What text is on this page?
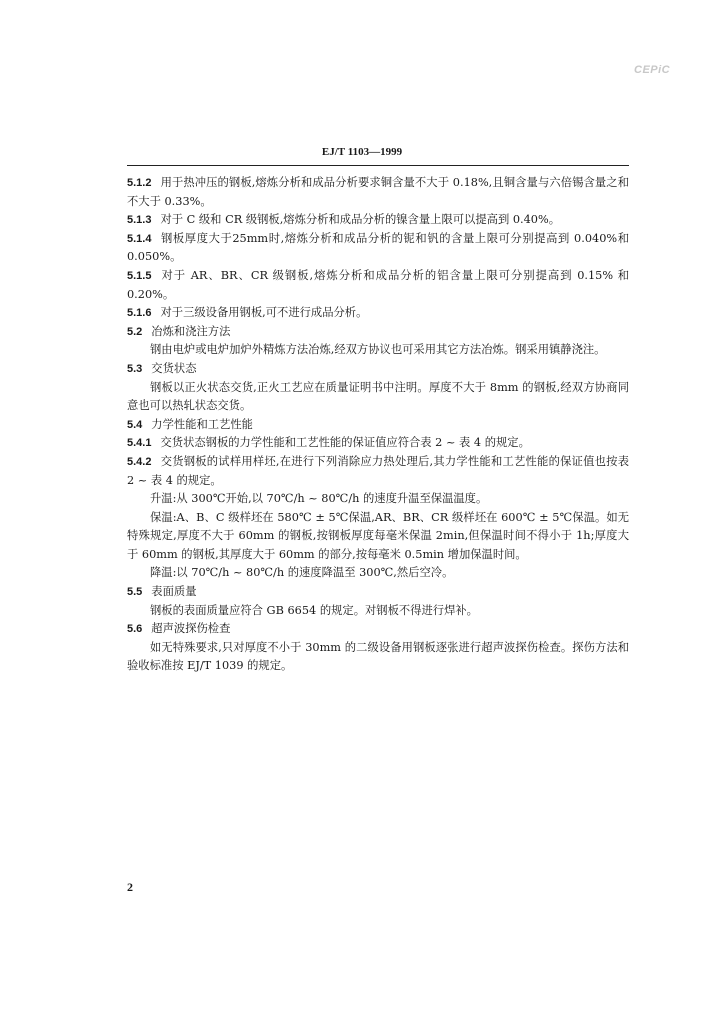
CEPiC
EJ/T 1103—1999

5.1.2 用于热冲压的钢板,熔炼分析和成品分析要求铜含量不大于 0.18%,且铜含量与六倍锡含量之和不大于 0.33%。

5.1.3 对于 C 级和 CR 级钢板,熔炼分析和成品分析的镍含量上限可以提高到 0.40%。

5.1.4 钢板厚度大于25mm时,熔炼分析和成品分析的铌和钒的含量上限可分别提高到 0.040%和 0.050%。

5.1.5 对于 AR、BR、CR 级钢板,熔炼分析和成品分析的铝含量上限可分别提高到 0.15% 和 0.20%。

5.1.6 对于三级设备用钢板,可不进行成品分析。

5.2 冶炼和浇注方法

钢由电炉或电炉加炉外精炼方法冶炼,经双方协议也可采用其它方法冶炼。钢采用镇静浇注。

5.3 交货状态

钢板以正火状态交货,正火工艺应在质量证明书中注明。厚度不大于 8mm 的钢板,经双方协商同意也可以热轧状态交货。

5.4 力学性能和工艺性能

5.4.1 交货状态钢板的力学性能和工艺性能的保证值应符合表 2 ~ 表 4 的规定。

5.4.2 交货钢板的试样用样坯,在进行下列消除应力热处理后,其力学性能和工艺性能的保证值也按表 2 ~ 表 4 的规定。

升温:从 300℃开始,以 70℃/h ~ 80℃/h 的速度升温至保温温度。

保温:A、B、C 级样坯在 580℃ ± 5℃保温,AR、BR、CR 级样坯在 600℃ ± 5℃保温。如无特殊规定,厚度不大于 60mm 的钢板,按钢板厚度每毫米保温 2min,但保温时间不得小于 1h;厚度大于 60mm 的钢板,其厚度大于 60mm 的部分,按每毫米 0.5min 增加保温时间。

降温:以 70℃/h ~ 80℃/h 的速度降温至 300℃,然后空冷。

5.5 表面质量

钢板的表面质量应符合 GB 6654 的规定。对钢板不得进行焊补。

5.6 超声波探伤检查

如无特殊要求,只对厚度不小于 30mm 的二级设备用钢板逐张进行超声波探伤检查。探伤方法和验收标准按 EJ/T 1039 的规定。

2
